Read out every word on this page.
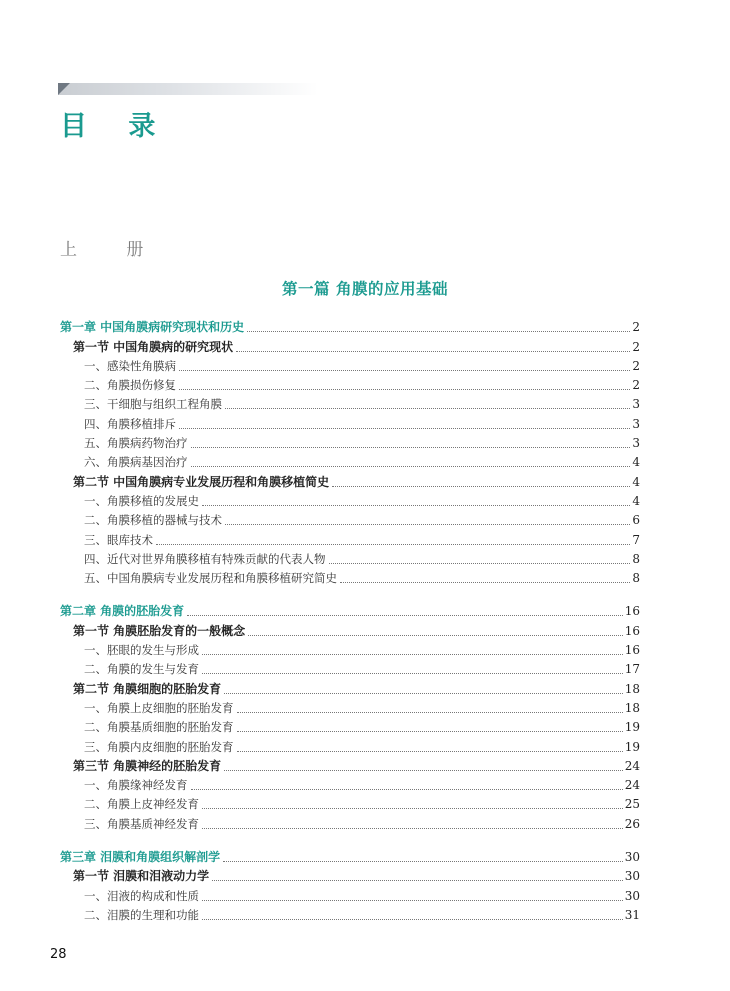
目 录
上 册
第一篇 角膜的应用基础
第一章 中国角膜病研究现状和历史	2
第一节 中国角膜病的研究现状	2
一、感染性角膜病	2
二、角膜损伤修复	2
三、干细胞与组织工程角膜	3
四、角膜移植排斥	3
五、角膜病药物治疗	3
六、角膜病基因治疗	4
第二节 中国角膜病专业发展历程和角膜移植简史	4
一、角膜移植的发展史	4
二、角膜移植的器械与技术	6
三、眼库技术	7
四、近代对世界角膜移植有特殊贡献的代表人物	8
五、中国角膜病专业发展历程和角膜移植研究简史	8
第二章 角膜的胚胎发育	16
第一节 角膜胚胎发育的一般概念	16
一、胚眼的发生与形成	16
二、角膜的发生与发育	17
第二节 角膜细胞的胚胎发育	18
一、角膜上皮细胞的胚胎发育	18
二、角膜基质细胞的胚胎发育	19
三、角膜内皮细胞的胚胎发育	19
第三节 角膜神经的胚胎发育	24
一、角膜缘神经发育	24
二、角膜上皮神经发育	25
三、角膜基质神经发育	26
第三章 泪膜和角膜组织解剖学	30
第一节 泪膜和泪液动力学	30
一、泪液的构成和性质	30
二、泪膜的生理和功能	31
28
